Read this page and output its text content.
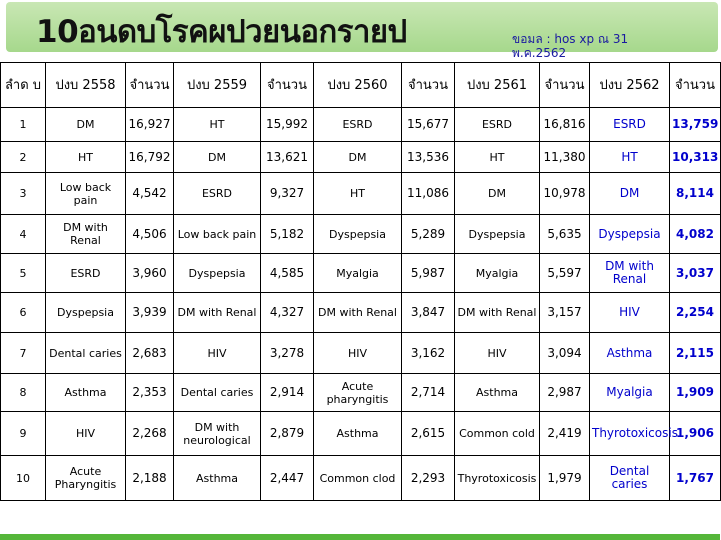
10อนดบโรคผปวยนอกรายป	ขอมล : hos xp ณ 31 พ.ค.2562
ลำด บ	ปงบ 2558	จำนวน	ปงบ 2559	จำนวน	ปงบ 2560	จำนวน	ปงบ 2561	จำนวน	ปงบ 2562	จำนวน
1	DM	16,927	HT	15,992	ESRD	15,677	ESRD	16,816	ESRD	13,759
2	HT	16,792	DM	13,621	DM	13,536	HT	11,380	HT	10,313
3	Low back pain	4,542	ESRD	9,327	HT	11,086	DM	10,978	DM	8,114
4	DM with Renal	4,506	Low back pain	5,182	Dyspepsia	5,289	Dyspepsia	5,635	Dyspepsia	4,082
5	ESRD	3,960	Dyspepsia	4,585	Myalgia	5,987	Myalgia	5,597	DM with Renal	3,037
6	Dyspepsia	3,939	DM with Renal	4,327	DM with Renal	3,847	DM with Renal	3,157	HIV	2,254
7	Dental caries	2,683	HIV	3,278	HIV	3,162	HIV	3,094	Asthma	2,115
8	Asthma	2,353	Dental caries	2,914	Acute pharyngitis	2,714	Asthma	2,987	Myalgia	1,909
9	HIV	2,268	DM with neurological	2,879	Asthma	2,615	Common cold	2,419	Thyrotoxicosis	1,906
10	Acute Pharyngitis	2,188	Asthma	2,447	Common clod	2,293	Thyrotoxicosis	1,979	Dental caries	1,767
